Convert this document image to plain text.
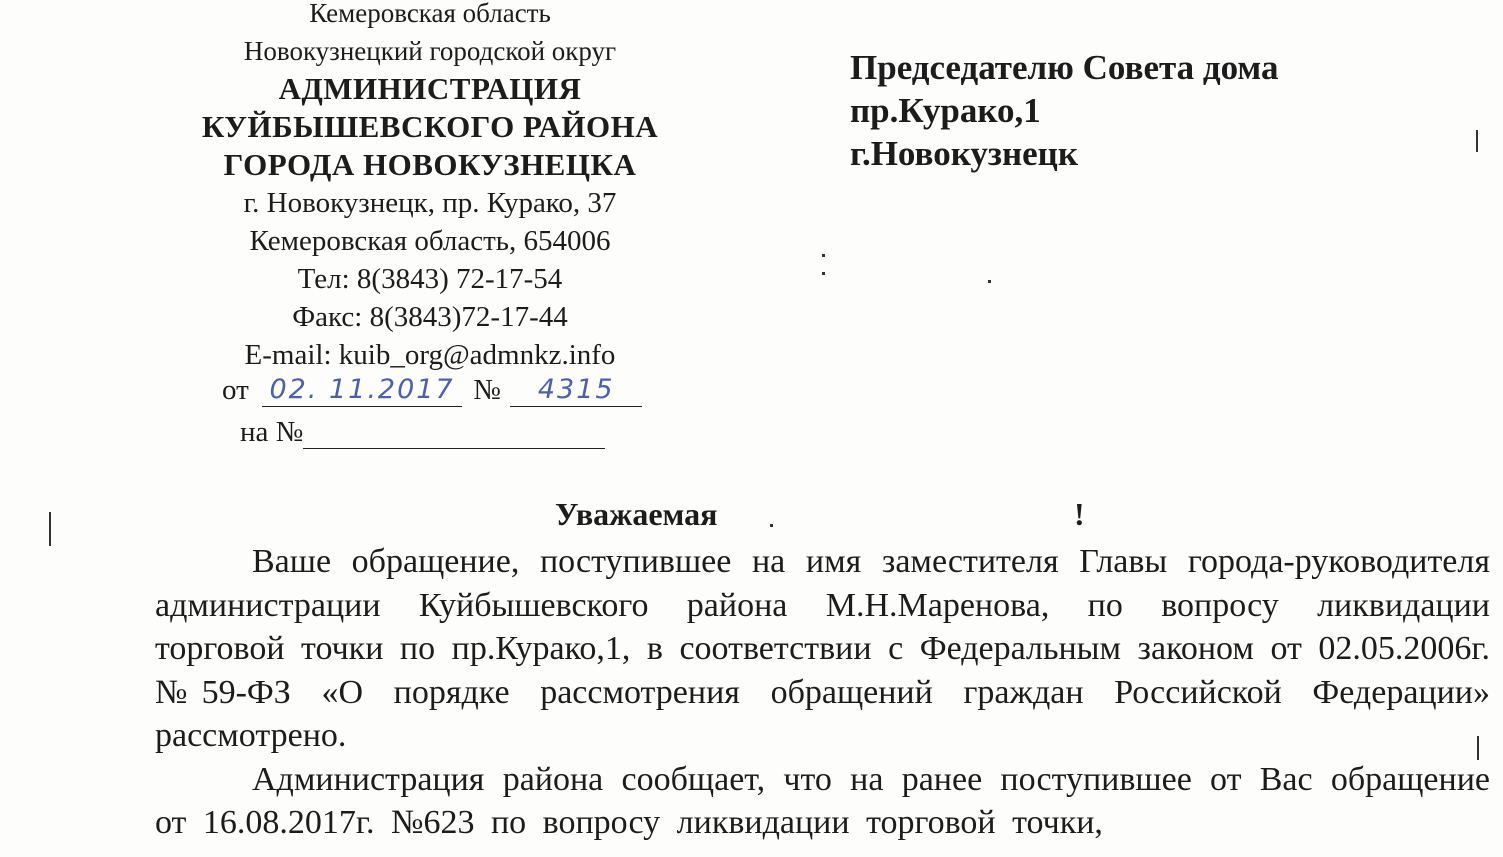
Кемеровская область
Новокузнецкий городской округ
АДМИНИСТРАЦИЯ
КУЙБЫШЕВСКОГО РАЙОНА
ГОРОДА НОВОКУЗНЕЦКА
г. Новокузнецк, пр. Курако, 37
Кемеровская область, 654006
Тел: 8(3843) 72-17-54
Факс: 8(3843)72-17-44
E-mail: kuib_org@admnkz.info
от 02. 11.2017 № 4315
на №
Председателю Совета дома
пр.Курако,1
г.Новокузнецк
Уважаемая	!

Ваше обращение, поступившее на имя заместителя Главы города-руководителя администрации Куйбышевского района М.Н.Маренова, по вопросу ликвидации торговой точки по пр.Курако,1, в соответствии с Федеральным законом от 02.05.2006г. №59-ФЗ «О порядке рассмотрения обращений граждан Российской Федерации» рассмотрено.

Администрация района сообщает, что на ранее поступившее от Вас обращение от 16.08.2017г. №623 по вопросу ликвидации торговой точки,
